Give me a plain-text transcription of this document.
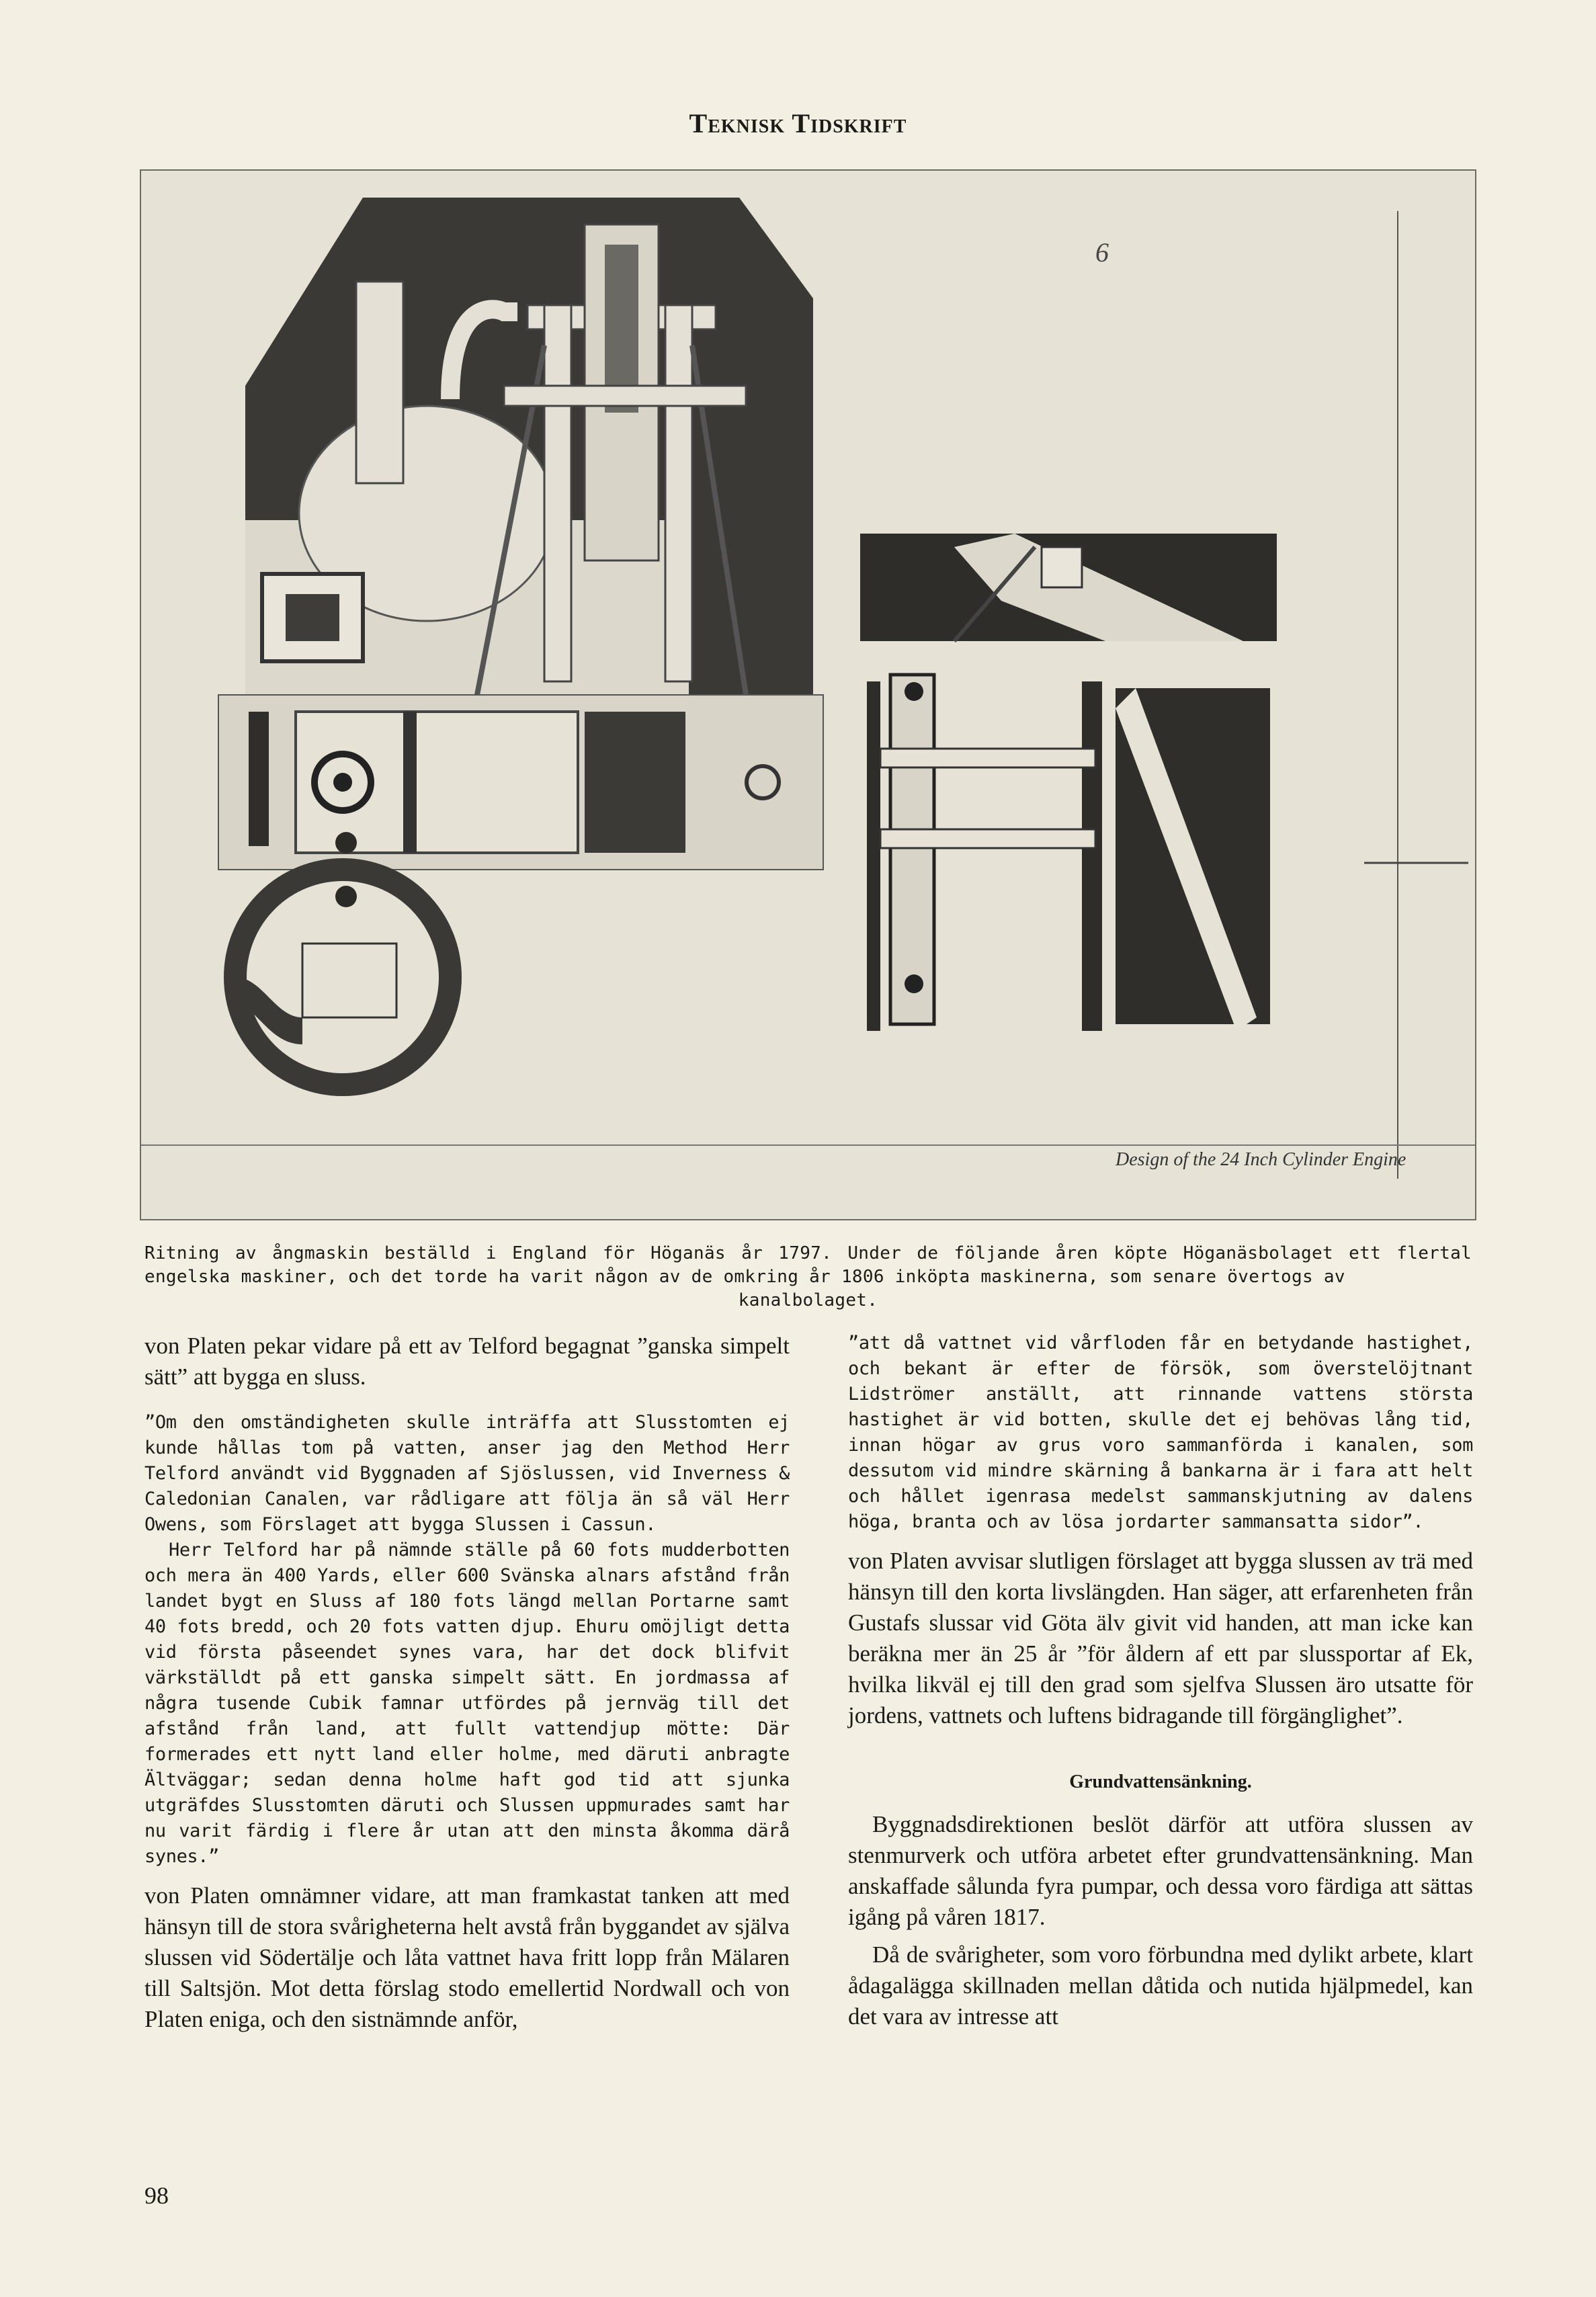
Teknisk Tidskrift
6
Design of the 24 Inch Cylinder Engine
Ritning av ångmaskin beställd i England för Höganäs år 1797. Under de följande åren köpte Höganäsbolaget ett flertal engelska maskiner, och det torde ha varit någon av de omkring år 1806 inköpta maskinerna, som senare övertogs av
kanalbolaget.

von Platen pekar vidare på ett av Telford begagnat ”ganska simpelt sätt” att bygga en sluss.

”Om den omständigheten skulle inträffa att Slusstomten ej kunde hållas tom på vatten, anser jag den Method Herr Telford användt vid Byggnaden af Sjöslussen, vid Inverness & Caledonian Canalen, var rådligare att följa än så väl Herr Owens, som Förslaget att bygga Slussen i Cassun.

Herr Telford har på nämnde ställe på 60 fots mudderbotten och mera än 400 Yards, eller 600 Svänska alnars afstånd från landet bygt en Sluss af 180 fots längd mellan Portarne samt 40 fots bredd, och 20 fots vatten djup. Ehuru omöjligt detta vid första påseendet synes vara, har det dock blifvit värkställdt på ett ganska simpelt sätt. En jordmassa af några tusende Cubik famnar utfördes på jernväg till det afstånd från land, att fullt vattendjup mötte: Där formerades ett nytt land eller holme, med däruti anbragte Ältväggar; sedan denna holme haft god tid att sjunka utgräfdes Slusstomten däruti och Slussen uppmurades samt har nu varit färdig i flere år utan att den minsta åkomma därå synes.”

von Platen omnämner vidare, att man framkastat tanken att med hänsyn till de stora svårigheterna helt avstå från byggandet av själva slussen vid Södertälje och låta vattnet hava fritt lopp från Mälaren till Saltsjön. Mot detta förslag stodo emellertid Nordwall och von Platen eniga, och den sistnämnde anför,

”att då vattnet vid vårfloden får en betydande hastighet, och bekant är efter de försök, som överstelöjtnant Lidströmer anställt, att rinnande vattens största hastighet är vid botten, skulle det ej behövas lång tid, innan högar av grus voro sammanförda i kanalen, som dessutom vid mindre skärning å bankarna är i fara att helt och hållet igenrasa medelst sammanskjutning av dalens höga, branta och av lösa jordarter sammansatta sidor”.

von Platen avvisar slutligen förslaget att bygga slussen av trä med hänsyn till den korta livslängden. Han säger, att erfarenheten från Gustafs slussar vid Göta älv givit vid handen, att man icke kan beräkna mer än 25 år ”för åldern af ett par slussportar af Ek, hvilka likväl ej till den grad som sjelfva Slussen äro utsatte för jordens, vattnets och luftens bidragande till förgänglighet”.

Grundvattensänkning.

Byggnadsdirektionen beslöt därför att utföra slussen av stenmurverk och utföra arbetet efter grundvattensänkning. Man anskaffade sålunda fyra pumpar, och dessa voro färdiga att sättas igång på våren 1817.

Då de svårigheter, som voro förbundna med dylikt arbete, klart ådagalägga skillnaden mellan dåtida och nutida hjälpmedel, kan det vara av intresse att

98
